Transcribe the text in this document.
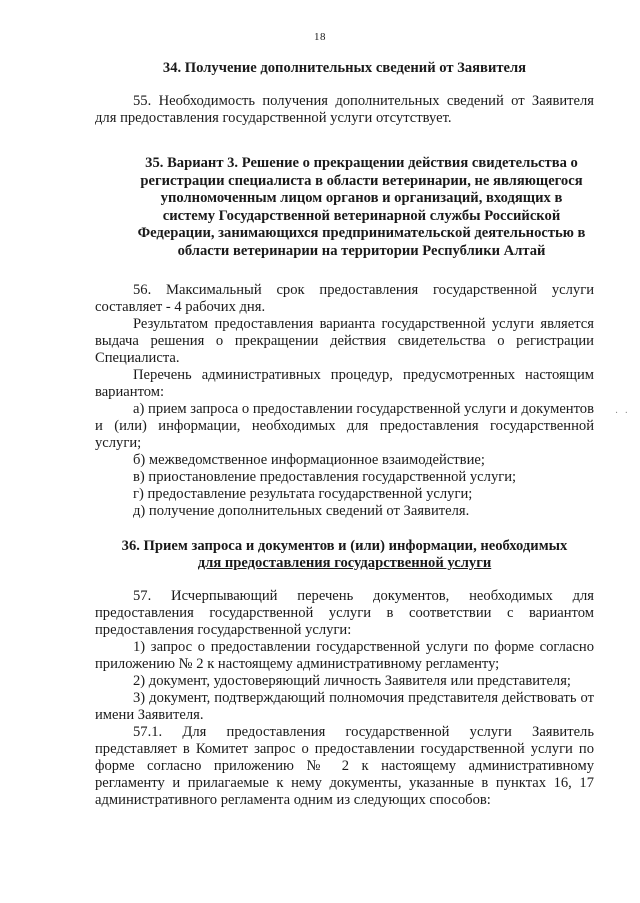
18

34. Получение дополнительных сведений от Заявителя

55. Необходимость получения дополнительных сведений от Заявителя для предоставления государственной услуги отсутствует.

35. Вариант 3. Решение о прекращении действия свидетельства о регистрации специалиста в области ветеринарии, не являющегося уполномоченным лицом органов и организаций, входящих в систему Государственной ветеринарной службы Российской Федерации, занимающихся предпринимательской деятельностью в области ветеринарии на территории Республики Алтай

56. Максимальный срок предоставления государственной услуги составляет - 4 рабочих дня.

Результатом предоставления варианта государственной услуги является выдача решения о прекращении действия свидетельства о регистрации Специалиста.

Перечень административных процедур, предусмотренных настоящим вариантом:

а) прием запроса о предоставлении государственной услуги и документов и (или) информации, необходимых для предоставления государственной услуги;

б) межведомственное информационное взаимодействие;

в) приостановление предоставления государственной услуги;

г) предоставление результата государственной услуги;

д) получение дополнительных сведений от Заявителя.

36. Прием запроса и документов и (или) информации, необходимых
для предоставления государственной услуги

57. Исчерпывающий перечень документов, необходимых для предоставления государственной услуги в соответствии с вариантом предоставления государственной услуги:

1) запрос о предоставлении государственной услуги по форме согласно приложению № 2 к настоящему административному регламенту;

2) документ, удостоверяющий личность Заявителя или представителя;

3) документ, подтверждающий полномочия представителя действовать от имени Заявителя.

57.1. Для предоставления государственной услуги Заявитель представляет в Комитет запрос о предоставлении государственной услуги по форме согласно приложению № 2 к настоящему административному регламенту и прилагаемые к нему документы, указанные в пунктах 16, 17 административного регламента одним из следующих способов:

· ·
